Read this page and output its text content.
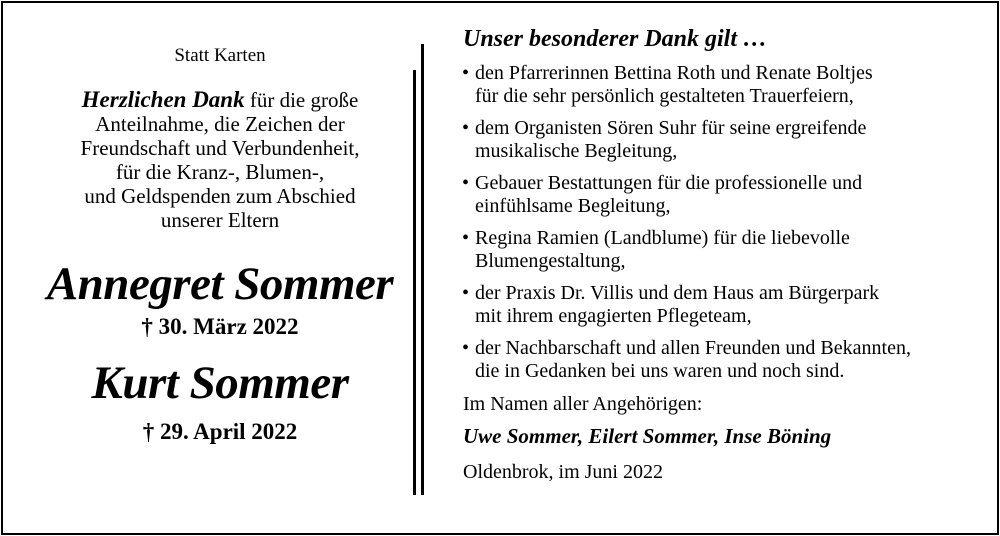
Statt Karten
Herzlichen Dank für die große
Anteilnahme, die Zeichen der
Freundschaft und Verbundenheit,
für die Kranz-, Blumen-,
und Geldspenden zum Abschied
unserer Eltern
Annegret Sommer
† 30. März 2022
Kurt Sommer
† 29. April 2022
Unser besonderer Dank gilt …
• den Pfarrerinnen Bettina Roth und Renate Boltjes
für die sehr persönlich gestalteten Trauerfeiern,
• dem Organisten Sören Suhr für seine ergreifende
musikalische Begleitung,
• Gebauer Bestattungen für die professionelle und
einfühlsame Begleitung,
• Regina Ramien (Landblume) für die liebevolle
Blumengestaltung,
• der Praxis Dr. Villis und dem Haus am Bürgerpark
mit ihrem engagierten Pflegeteam,
• der Nachbarschaft und allen Freunden und Bekannten,
die in Gedanken bei uns waren und noch sind.
Im Namen aller Angehörigen:
Uwe Sommer, Eilert Sommer, Inse Böning
Oldenbrok, im Juni 2022
